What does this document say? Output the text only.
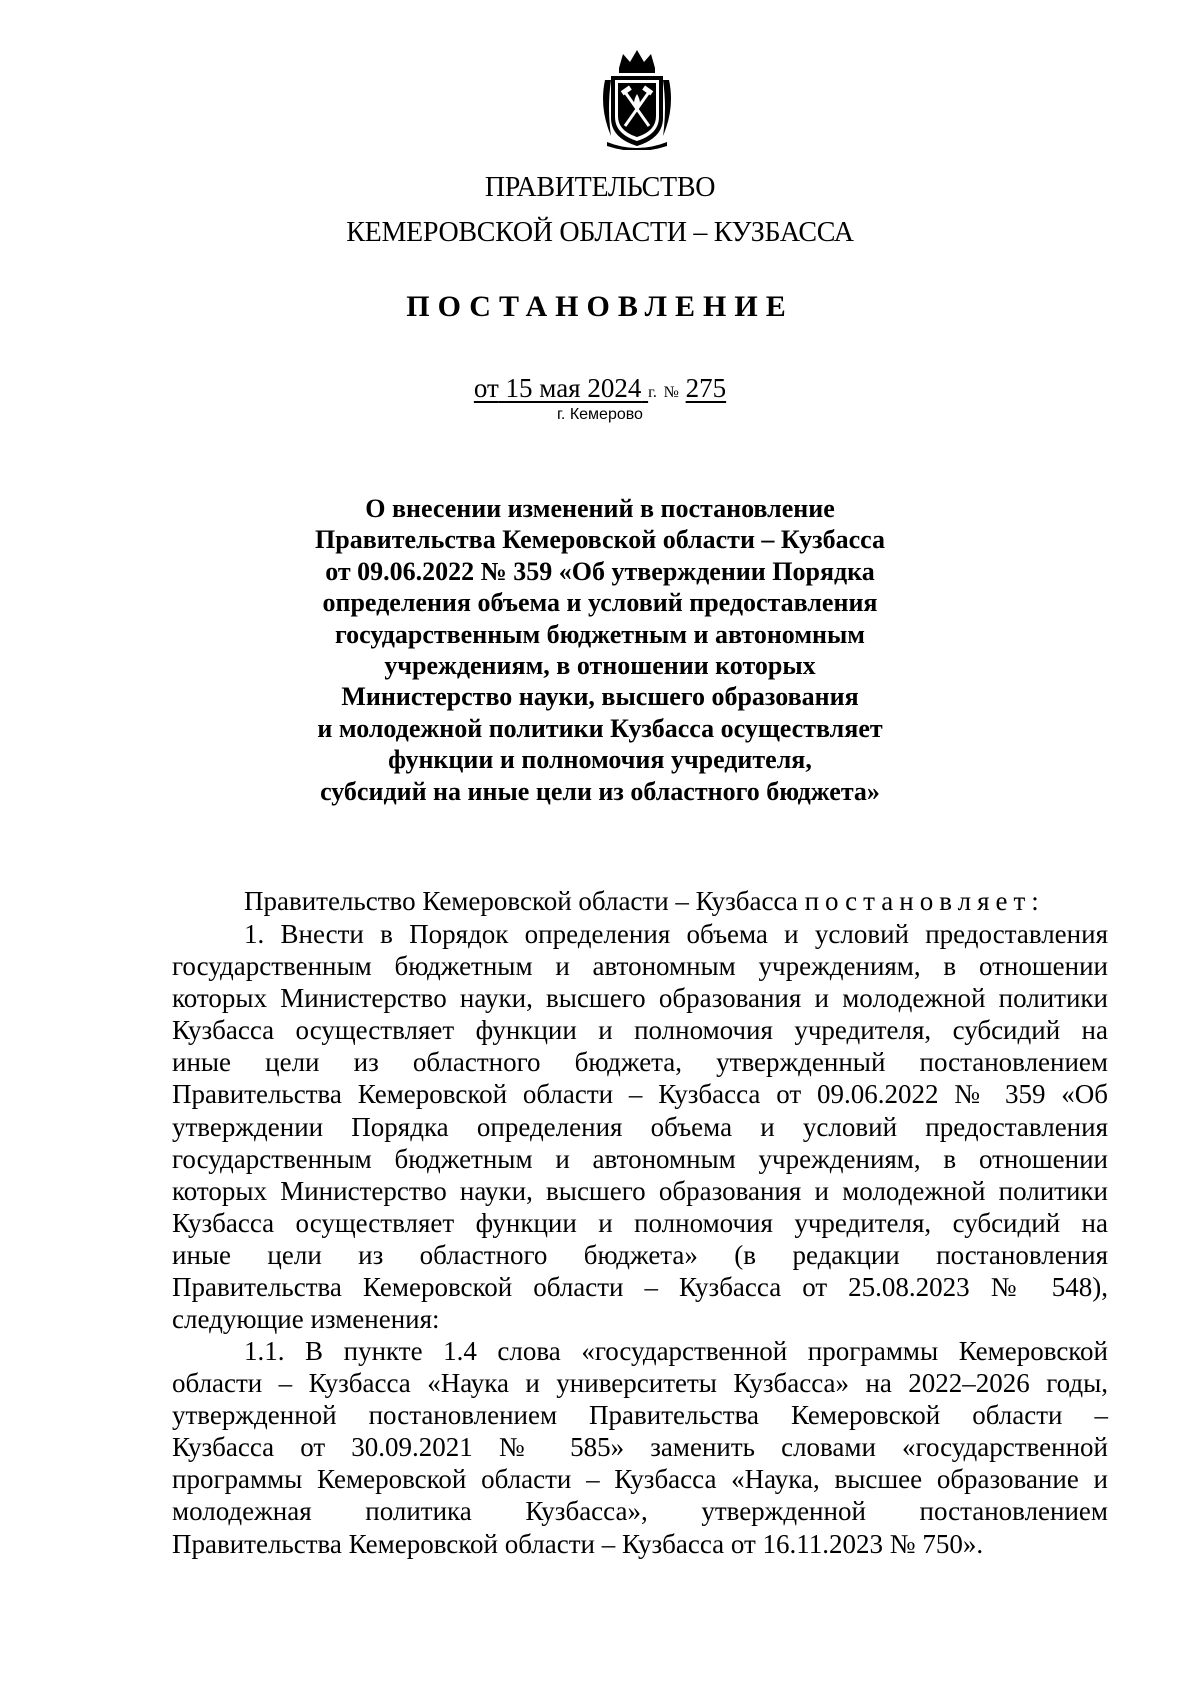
ПРАВИТЕЛЬСТВО
КЕМЕРОВСКОЙ ОБЛАСТИ – КУЗБАССА
ПОСТАНОВЛЕНИЕ
от 15 мая 2024 г. № 275
г. Кемерово
О внесении изменений в постановление
Правительства Кемеровской области – Кузбасса
от 09.06.2022 № 359 «Об утверждении Порядка
определения объема и условий предоставления
государственным бюджетным и автономным
учреждениям, в отношении которых
Министерство науки, высшего образования
и молодежной политики Кузбасса осуществляет
функции и полномочия учредителя,
субсидий на иные цели из областного бюджета»
Правительство Кемеровской области – Кузбасса постановляет:
1. Внести в Порядок определения объема и условий предоставления
государственным бюджетным и автономным учреждениям, в отношении
которых Министерство науки, высшего образования и молодежной политики
Кузбасса осуществляет функции и полномочия учредителя, субсидий на
иные цели из областного бюджета, утвержденный постановлением
Правительства Кемеровской области – Кузбасса от 09.06.2022 № 359 «Об
утверждении Порядка определения объема и условий предоставления
государственным бюджетным и автономным учреждениям, в отношении
которых Министерство науки, высшего образования и молодежной политики
Кузбасса осуществляет функции и полномочия учредителя, субсидий на
иные цели из областного бюджета» (в редакции постановления
Правительства Кемеровской области – Кузбасса от 25.08.2023 № 548),
следующие изменения:
1.1. В пункте 1.4 слова «государственной программы Кемеровской
области – Кузбасса «Наука и университеты Кузбасса» на 2022–2026 годы,
утвержденной постановлением Правительства Кемеровской области –
Кузбасса от 30.09.2021 № 585» заменить словами «государственной
программы Кемеровской области – Кузбасса «Наука, высшее образование и
молодежная политика Кузбасса», утвержденной постановлением
Правительства Кемеровской области – Кузбасса от 16.11.2023 № 750».
